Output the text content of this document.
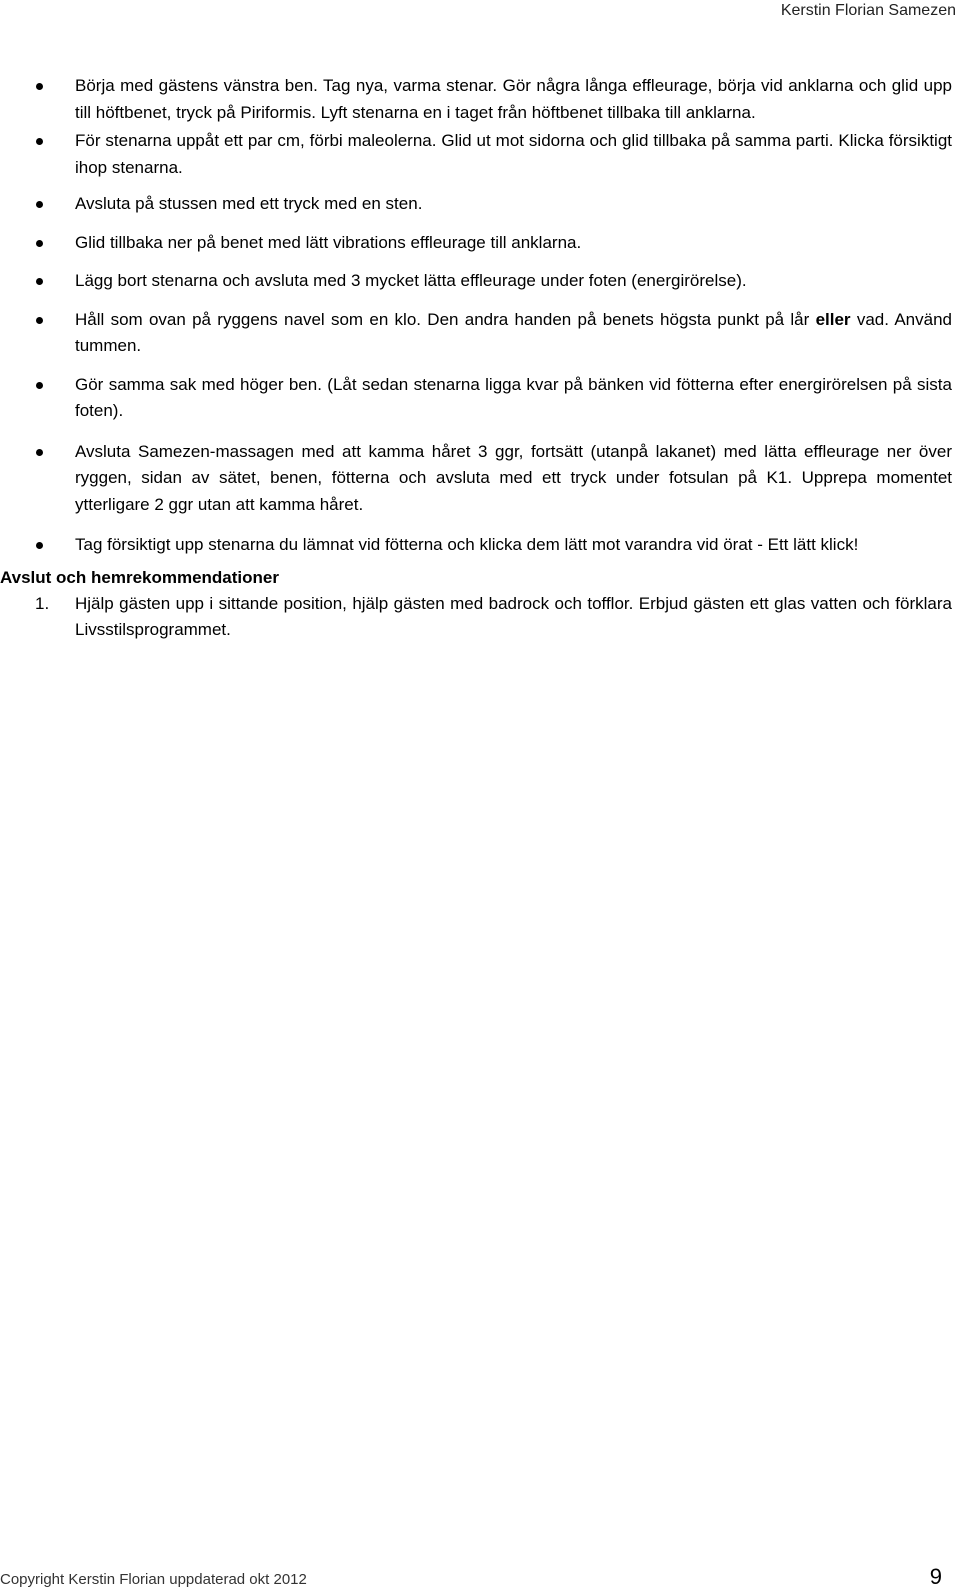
Kerstin Florian Samezen
Börja med gästens vänstra ben. Tag nya, varma stenar. Gör några långa effleurage, börja vid anklarna och glid upp till höftbenet, tryck på Piriformis. Lyft stenarna en i taget från höftbenet tillbaka till anklarna.
För stenarna uppåt ett par cm, förbi maleolerna. Glid ut mot sidorna och glid tillbaka på samma parti. Klicka försiktigt ihop stenarna.
Avsluta på stussen med ett tryck med en sten.
Glid tillbaka ner på benet med lätt vibrations effleurage till anklarna.
Lägg bort stenarna och avsluta med 3 mycket lätta effleurage under foten (energirörelse).
Håll som ovan på ryggens navel som en klo. Den andra handen på benets högsta punkt på lår eller vad. Använd tummen.
Gör samma sak med höger ben. (Låt sedan stenarna ligga kvar på bänken vid fötterna efter energirörelsen på sista foten).
Avsluta Samezen-massagen med att kamma håret 3 ggr, fortsätt (utanpå lakanet) med lätta effleurage ner över ryggen, sidan av sätet, benen, fötterna och avsluta med ett tryck under fotsulan på K1. Upprepa momentet ytterligare 2 ggr utan att kamma håret.
Tag försiktigt upp stenarna du lämnat vid fötterna och klicka dem lätt mot varandra vid örat - Ett lätt klick!
Avslut och hemrekommendationer
1. Hjälp gästen upp i sittande position, hjälp gästen med badrock och tofflor. Erbjud gästen ett glas vatten och förklara Livsstilsprogrammet.
Copyright Kerstin Florian uppdaterad okt 2012	9
